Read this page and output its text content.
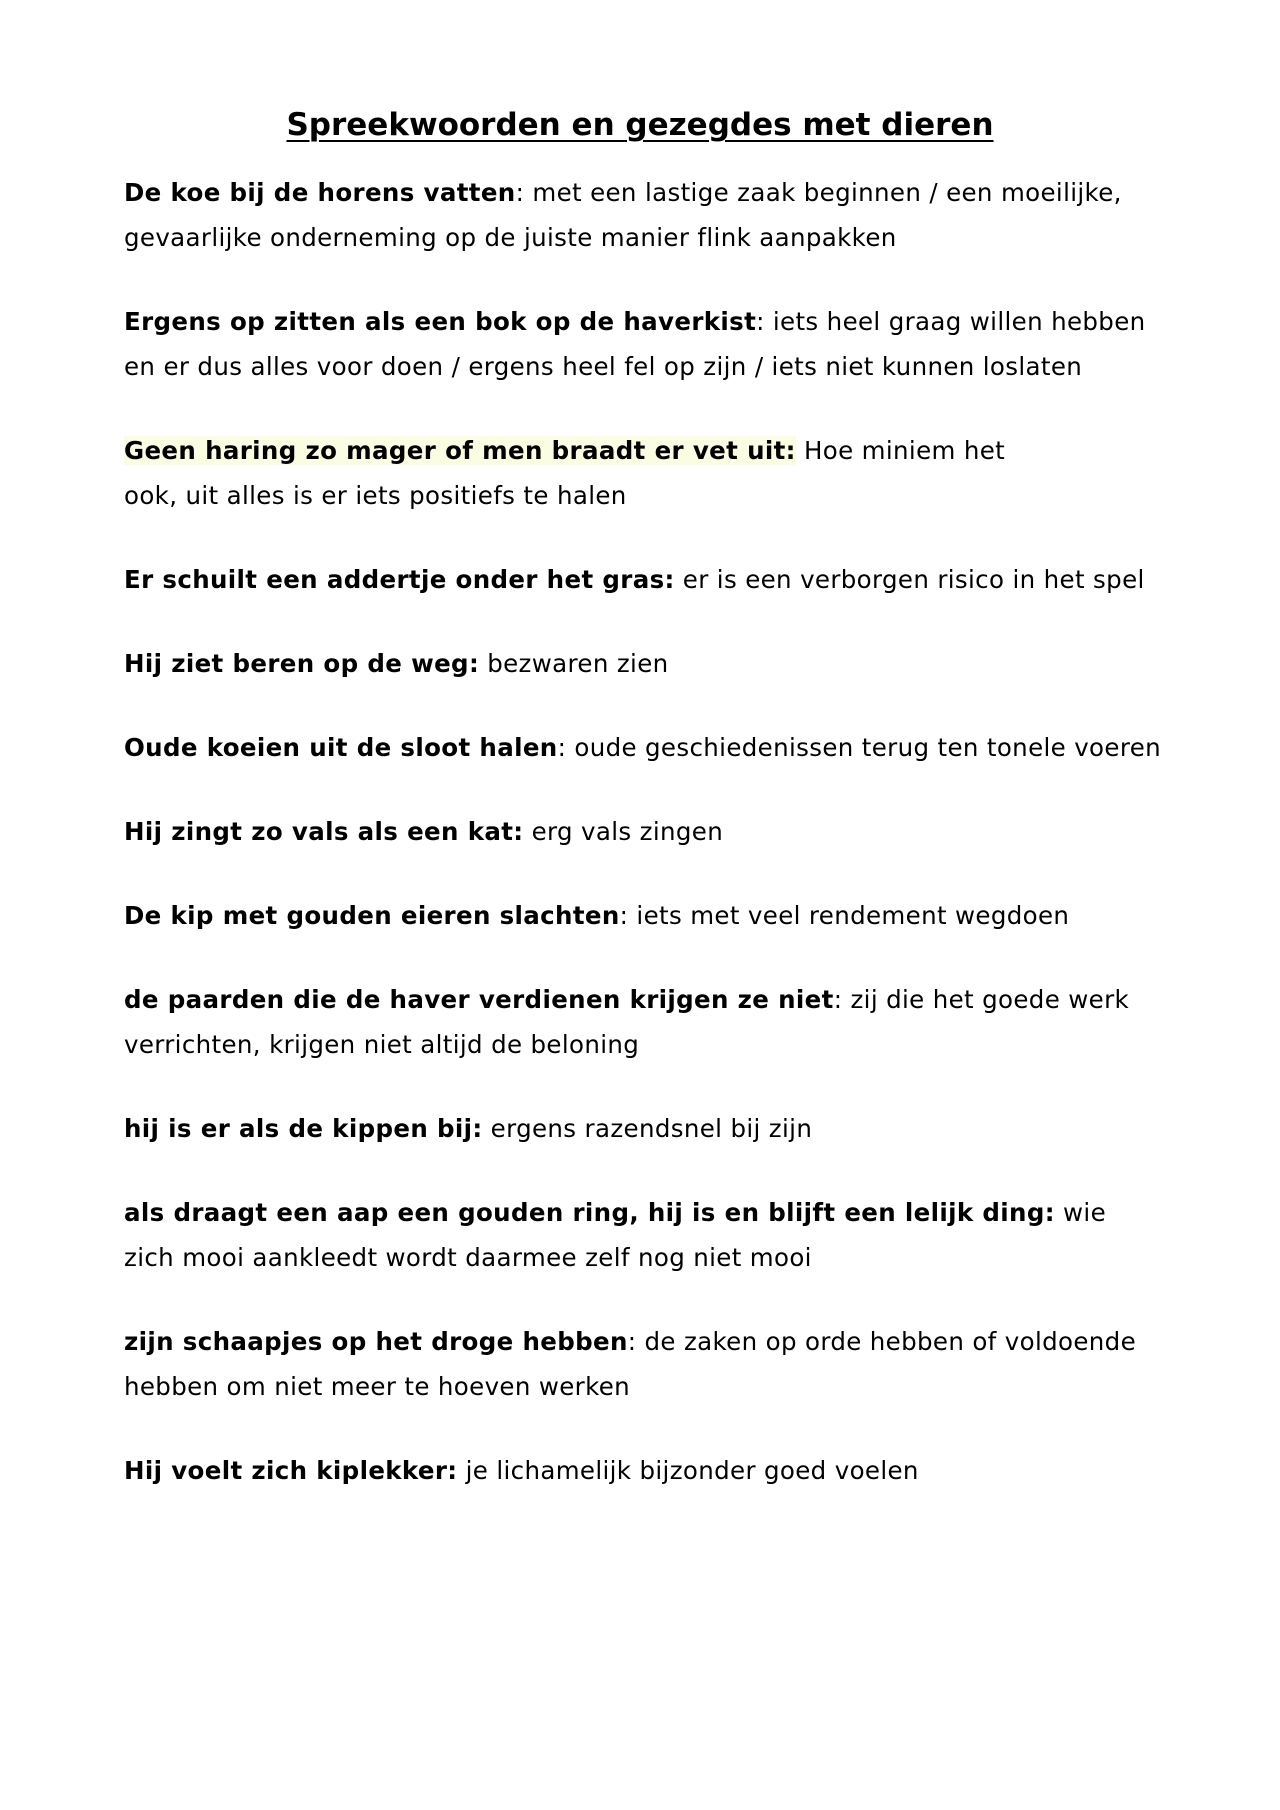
Spreekwoorden en gezegdes met dieren

De koe bij de horens vatten: met een lastige zaak beginnen / een moeilijke, gevaarlijke onderneming op de juiste manier flink aanpakken

Ergens op zitten als een bok op de haverkist: iets heel graag willen hebben en er dus alles voor doen / ergens heel fel op zijn / iets niet kunnen loslaten

Geen haring zo mager of men braadt er vet uit: Hoe miniem het ook, uit alles is er iets positiefs te halen

Er schuilt een addertje onder het gras: er is een verborgen risico in het spel

Hij ziet beren op de weg: bezwaren zien

Oude koeien uit de sloot halen: oude geschiedenissen terug ten tonele voeren

Hij zingt zo vals als een kat: erg vals zingen

De kip met gouden eieren slachten: iets met veel rendement wegdoen

de paarden die de haver verdienen krijgen ze niet: zij die het goede werk verrichten, krijgen niet altijd de beloning

hij is er als de kippen bij: ergens razendsnel bij zijn

als draagt een aap een gouden ring, hij is en blijft een lelijk ding: wie zich mooi aankleedt wordt daarmee zelf nog niet mooi

zijn schaapjes op het droge hebben: de zaken op orde hebben of voldoende hebben om niet meer te hoeven werken

Hij voelt zich kiplekker: je lichamelijk bijzonder goed voelen
